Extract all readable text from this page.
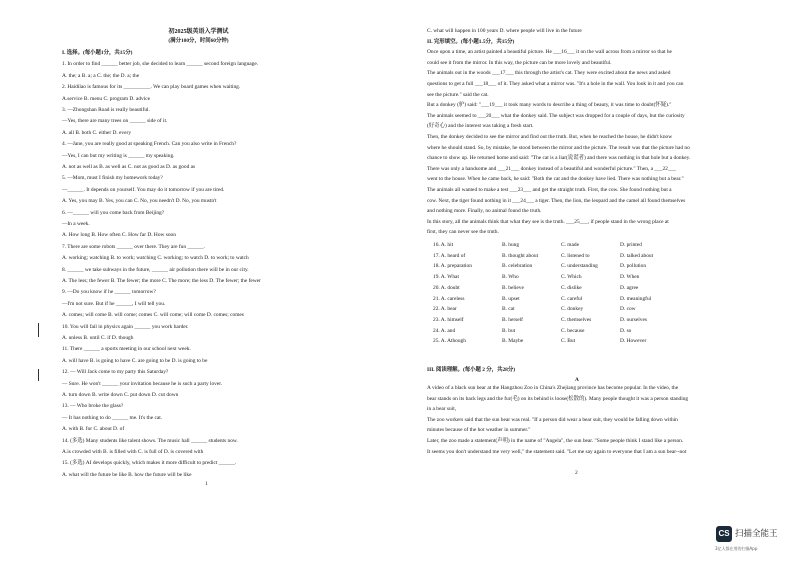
初2025级英语入学测试
(满分100分，时间60分钟)
I. 选择。(每小题1分，共15分)
1. In order to find ______ better job, she decided to learn ______ second foreign language.
A. the; a B. a; a C. the; the D. a; the
2. Haidilao is famous for its __________. We can play board games when waiting.
A.service B. menu C. program D. advice
3. —Zhongshan Road is really beautiful.
—Yes, there are many trees on ______ side of it.
A. all B. both C. either D. every
4. —Jane, you are really good at speaking French. Can you also write in French?
—Yes, I can but my writing is ______ my speaking.
A. not as well as B. as well as C. not as good as D. as good as
5. —Mom, must I finish my homework today?
—______. It depends on yourself. You may do it tomorrow if you are tired.
A. Yes, you may B. Yes, you can C. No, you needn't D. No, you mustn't
6. —______ will you come back from Beijing?
—In a week.
A. How long B. How often C. How far D. How soon
7. There are some robots ______ over there. They are fun ______.
A. working; watching B. to work; watching C. working; to watch D. to work; to watch
8. ______ we take subways in the future, ______ air pollution there will be in our city.
A. The less; the fewer B. The fewer; the more C. The more; the less D. The fewer; the fewer
9. —Do you know if he ______ tomorrow?
—I'm not sure. But if he ______, I will tell you.
A. comes; will come B. will come; comes C. will come; will come D. comes; comes
10. You will fail in physics again ______ you work harder.
A. unless B. until C. if D. though
11. There ______ a sports meeting in our school next week.
A. will have B. is going to have C. are going to be D. is going to be
12. — Will Jack come to my party this Saturday?
— Sure. He won't ______ your invitation because he is such a party lover.
A. turn down B. write down C. put down D. cut down
13. — Who broke the glass?
— It has nothing to do ______ me. It's the cat.
A. with B. for C. about D. of
14. (多选) Many students like talent shows. The music hall ______ students now.
A.is crowded with B. is filled with C. is full of D. is covered with
15. (多选) AI develops quickly, which makes it more difficult to predict ______.
A. what will the future be like B. how the future will be like
1
C. what will happen in 100 years D. where people will live in the future
II. 完形填空。(每小题1.5分，共15分)
Once upon a time, an artist painted a beautiful picture. He ___16___ it on the wall across from a mirror so that he
could see it from the mirror. In this way, the picture can be more lovely and beautiful.
The animals out in the woods ___17___ this through the artist's cat. They were excited about the news and asked
questions to get a full ___18___ of it. They asked what a mirror was. "It's a hole in the wall. You look in it and you can
see the picture." said the cat.
But a donkey (驴) said: "___19___ it took many words to describe a thing of beauty, it was time to doubt(怀疑)."
The animals seemed to ___20___ what the donkey said. The subject was dropped for a couple of days, but the curiosity
(好奇心) and the interest was taking a fresh start.
Then, the donkey decided to see the mirror and find out the truth. But, when he reached the house, he didn't know
where he should stand. So, by mistake, he stood between the mirror and the picture. The result was that the picture had no
chance to show up. He returned home and said: "The cat is a liar(说谎者) and there was nothing in that hole but a donkey.
There was only a handsome and ___21___ donkey instead of a beautiful and wonderful picture." Then, a ___22___
went to the house. When he came back, he said: "Both the cat and the donkey have lied. There was nothing but a bear."
The animals all wanted to make a test ___23___ and get the straight truth. First, the cow. She found nothing but a
cow. Next, the tiger found nothing in it ___24___ a tiger. Then, the lion, the leopard and the camel all found themselves
and nothing more. Finally, no animal found the truth.
In this story, all the animals think that what they see is the truth. ___25___, if people stand in the wrong place at
first, they can never see the truth.
16. A. hit	B. hung	C. made	D. printed
17. A. heard of	B. thought about	C. listened to	D. talked about
18. A. preparation	B. celebration	C. understanding	D. pollution
19. A. What	B. Who	C. Which	D. When
20. A. doubt	B. believe	C. dislike	D. agree
21. A. careless	B. upset	C. careful	D. meaningful
22. A. bear	B. cat	C. donkey	D. cow
23. A. himself	B. herself	C. themselves	D. ourselves
24. A. and	B. but	C. because	D. so
25. A. Athough	B. Maybe	C. But	D. However
III. 阅读理解。(每小题 2 分，共28分)
A
A video of a black sun bear at the Hangzhou Zoo in China's Zhejiang province has become popular. In the video, the
bear stands on its back legs and the fur(毛) on its behind is loose(松散的). Many people thought it was a person standing
in a bear suit,
The zoo workers said that the sun bear was real. "If a person did wear a bear suit, they would be falling down within
minutes because of the hot weather in summer."
Later, the zoo made a statement(声明) in the name of "Angela", the sun bear. "Some people think I stand like a person.
It seems you don't understand me very well," the statement said. "Let me say again to everyone that I am a sun bear--not
2
CS 扫描全能王
3亿人都在用的扫描App
